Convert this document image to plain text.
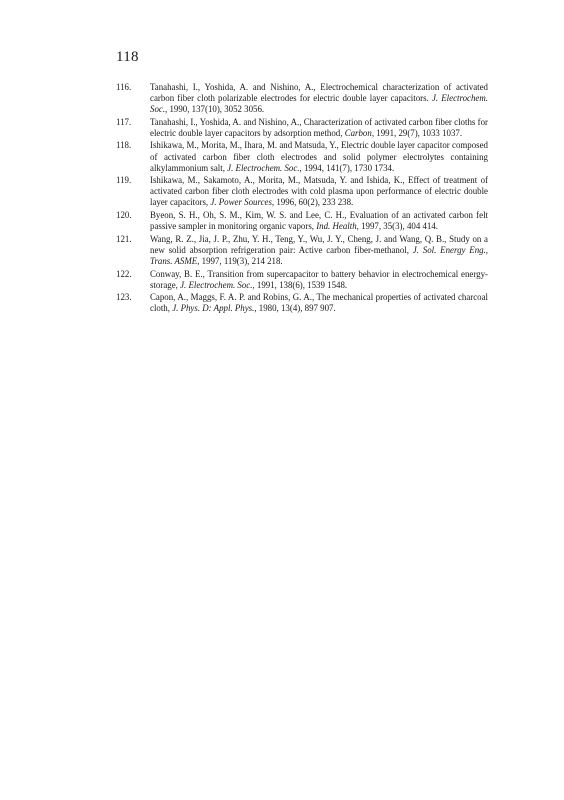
118
116.	Tanahashi, I., Yoshida, A. and Nishino, A., Electrochemical characterization of activated carbon fiber cloth polarizable electrodes for electric double layer capacitors. J. Electrochem. Soc., 1990, 137(10), 3052 3056.
117.	Tanahashi, I., Yoshida, A. and Nishino, A., Characterization of activated carbon fiber cloths for electric double layer capacitors by adsorption method, Carbon, 1991, 29(7), 1033 1037.
118.	Ishikawa, M., Morita, M., Ihara, M. and Matsuda, Y., Electric double layer capacitor composed of activated carbon fiber cloth electrodes and solid polymer electrolytes containing alkylammonium salt, J. Electrochem. Soc., 1994, 141(7), 1730 1734.
119.	Ishikawa, M., Sakamoto, A., Morita, M., Matsuda, Y. and Ishida, K., Effect of treatment of activated carbon fiber cloth electrodes with cold plasma upon performance of electric double layer capacitors, J. Power Sources, 1996, 60(2), 233 238.
120.	Byeon, S. H., Oh, S. M., Kim, W. S. and Lee, C. H., Evaluation of an activated carbon felt passive sampler in monitoring organic vapors, Ind. Health, 1997, 35(3), 404 414.
121.	Wang, R. Z., Jia, J. P., Zhu, Y. H., Teng, Y., Wu, J. Y., Cheng, J. and Wang, Q. B., Study on a new solid absorption refrigeration pair: Active carbon fiber-methanol, J. Sol. Energy Eng., Trans. ASME, 1997, 119(3), 214 218.
122.	Conway, B. E., Transition from supercapacitor to battery behavior in electrochemical energy-storage, J. Electrochem. Soc., 1991, 138(6), 1539 1548.
123.	Capon, A., Maggs, F. A. P. and Robins, G. A., The mechanical properties of activated charcoal cloth, J. Phys. D: Appl. Phys., 1980, 13(4), 897 907.
